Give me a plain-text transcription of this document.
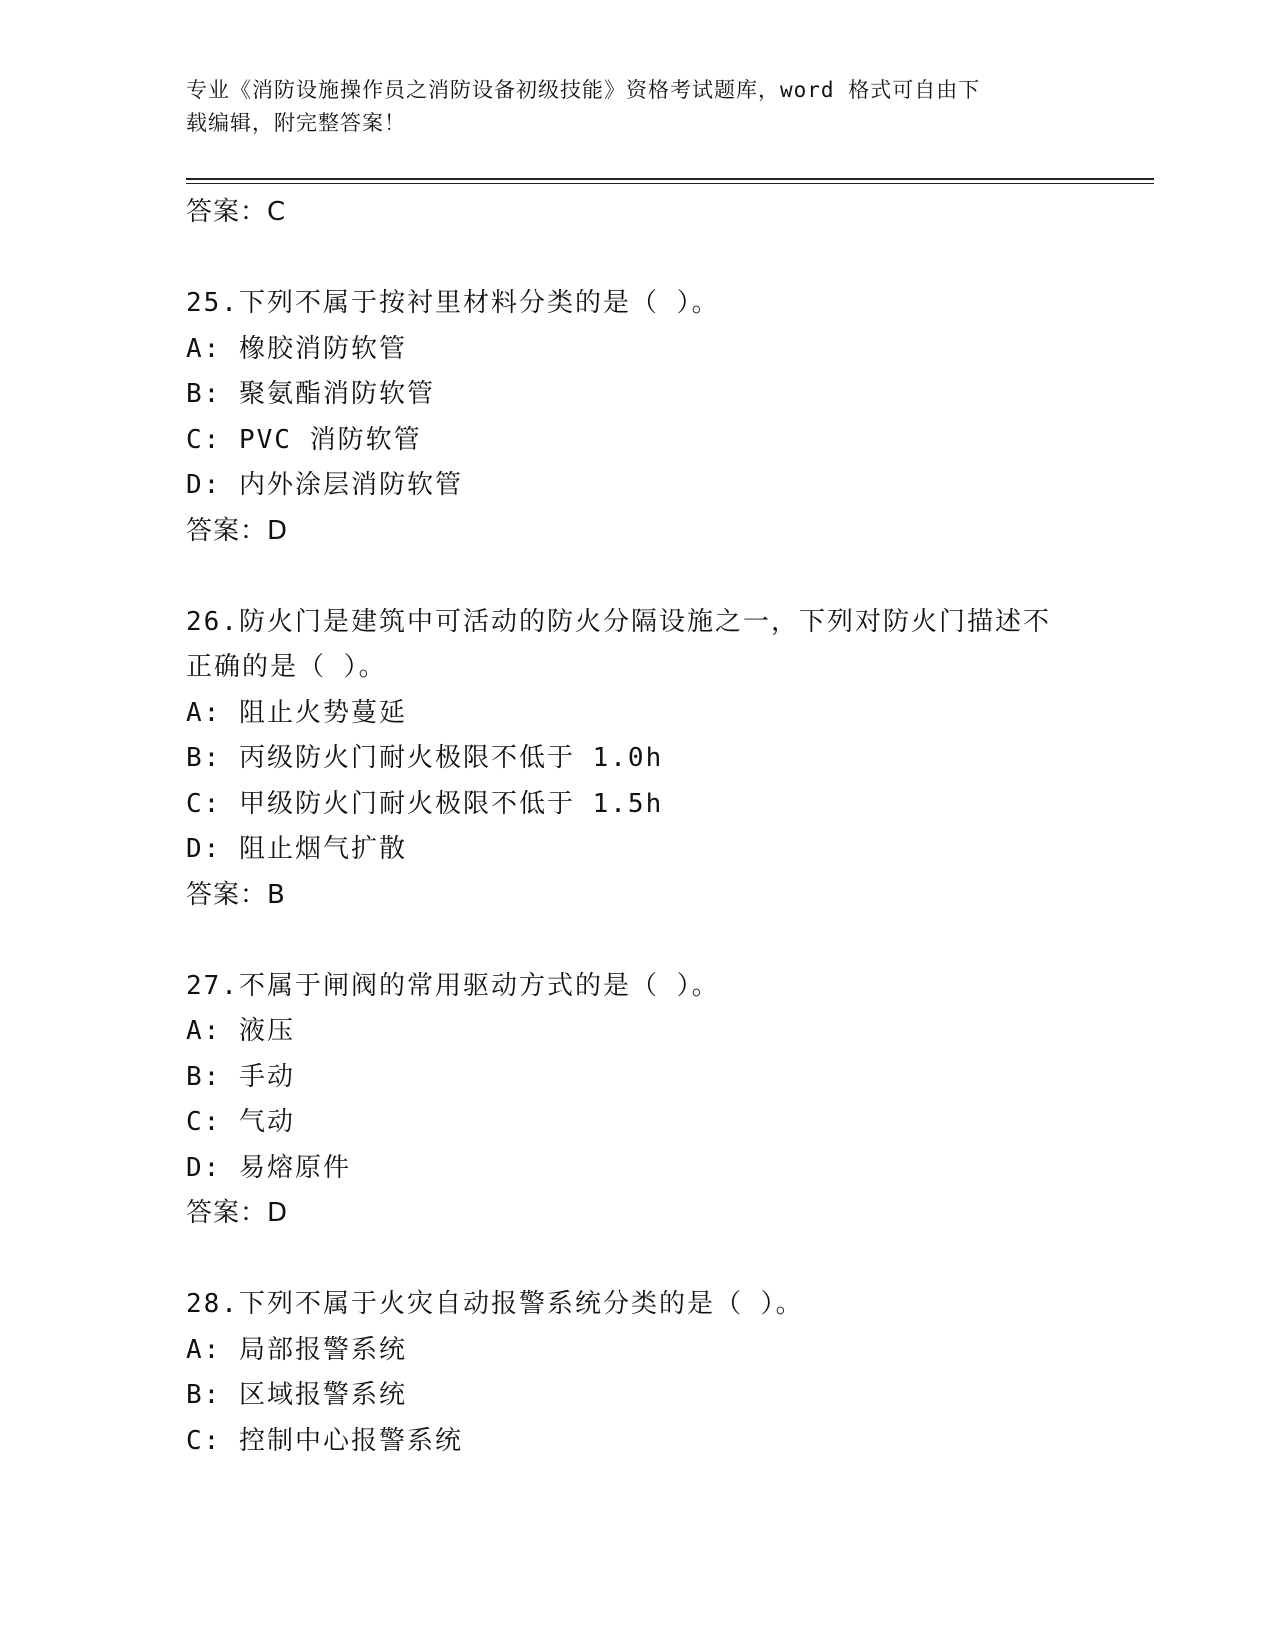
专业《消防设施操作员之消防设备初级技能》资格考试题库，word 格式可自由下
载编辑，附完整答案！
答案：C
25.下列不属于按衬里材料分类的是（ ）。
A: 橡胶消防软管
B: 聚氨酯消防软管
C: PVC 消防软管
D: 内外涂层消防软管
答案：D
26.防火门是建筑中可活动的防火分隔设施之一，下列对防火门描述不
正确的是（ ）。
A: 阻止火势蔓延
B: 丙级防火门耐火极限不低于 1.0h
C: 甲级防火门耐火极限不低于 1.5h
D: 阻止烟气扩散
答案：B
27.不属于闸阀的常用驱动方式的是（ ）。
A: 液压
B: 手动
C: 气动
D: 易熔原件
答案：D
28.下列不属于火灾自动报警系统分类的是（ ）。
A: 局部报警系统
B: 区域报警系统
C: 控制中心报警系统
